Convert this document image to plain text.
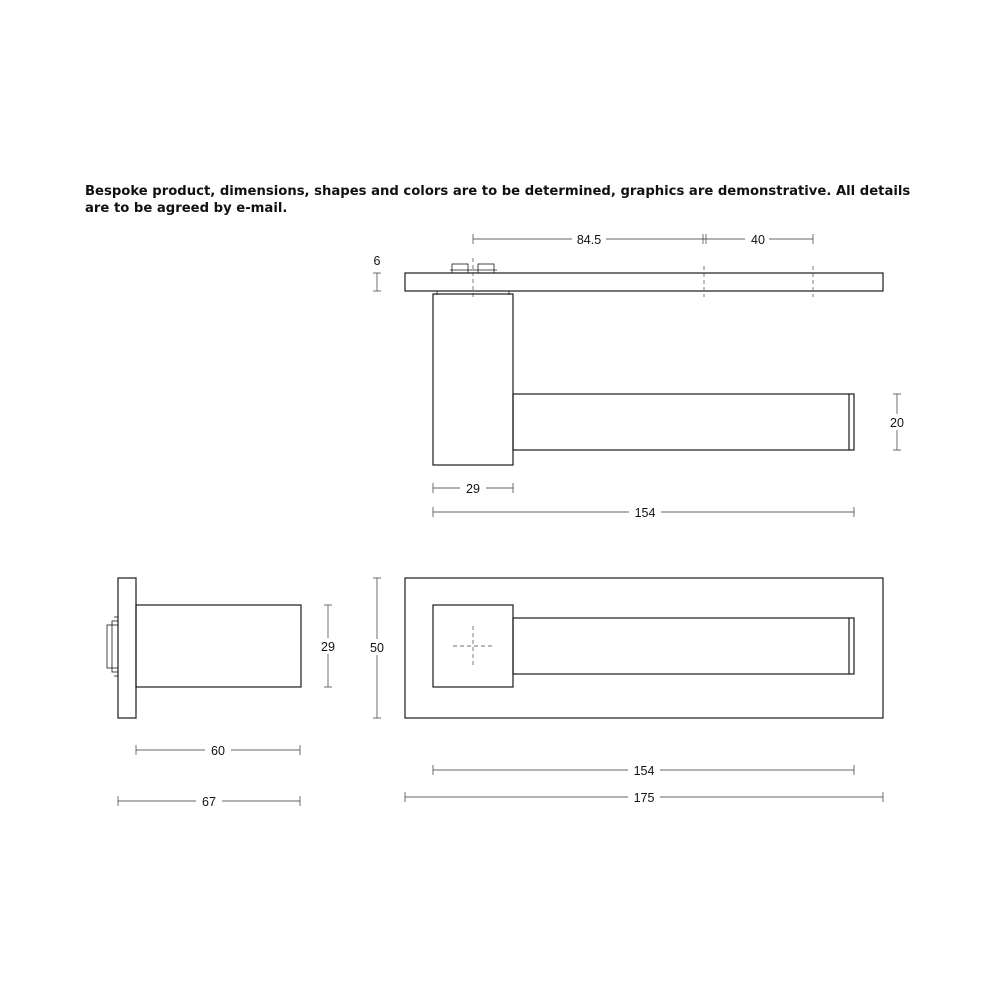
Bespoke product, dimensions, shapes and colors are to be determined, graphics are demonstrative. All details are to be agreed by e-mail.
84.5	40
6
20
29
154
29
60
67
50
154
175
